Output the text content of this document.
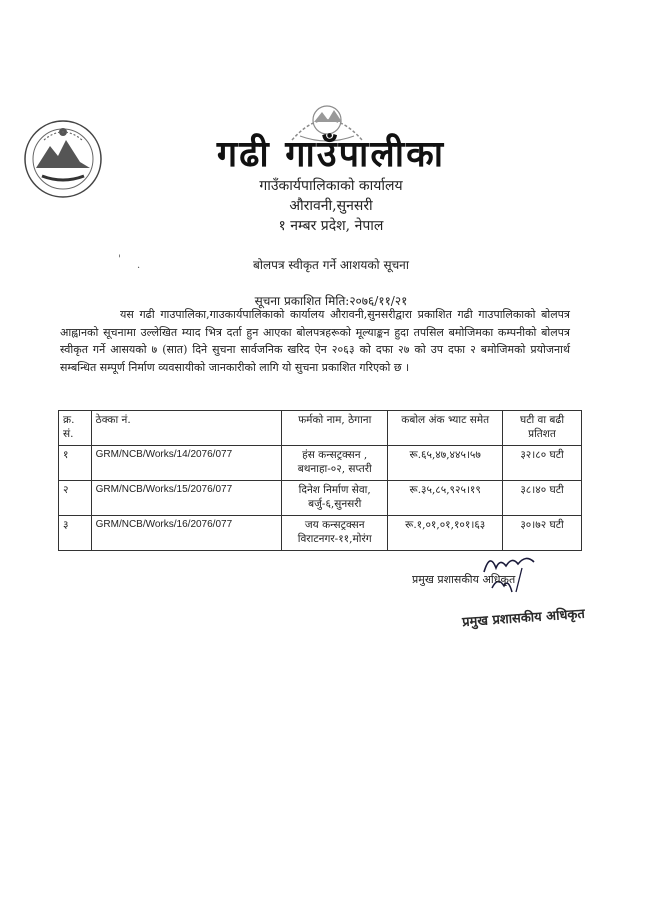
गढी गाउँपालीका
गाउँकार्यपालिकाको कार्यालय
औरावनी,सुनसरी
१ नम्बर प्रदेश, नेपाल
'
·	बोलपत्र स्वीकृत गर्ने आशयको सूचना
सूचना प्रकाशित मिति:२०७६/११/२१
यस गढी गाउपालिका,गाउकार्यपालिकाको कार्यालय औरावनी,सुनसरीद्वारा प्रकाशित गढी गाउपालिकाको बोलपत्र आह्वानको सूचनामा उल्लेखित म्याद भित्र दर्ता हुन आएका बोलपत्रहरूको मूल्याङ्कन हुदा तपसिल बमोजिमका कम्पनीको बोलपत्र स्वीकृत गर्ने आसयको ७ (सात) दिने सुचना सार्वजनिक खरिद ऐन २०६३ को दफा २७ को उप दफा २ बमोजिमको प्रयोजनार्थ सम्बन्धित सम्पूर्ण निर्माण व्यवसायीको जानकारीको लागि यो सुचना प्रकाशित गरिएको छ ।
क्र. सं.	ठेक्का नं.	फर्मको नाम, ठेगाना	कबोल अंक भ्याट समेत	घटी वा बढी प्रतिशत
१	GRM/NCB/Works/14/2076/077	हंस कन्सट्रक्सन ,
बथनाहा-०२, सप्तरी	रू.६५,४७,४४५।५७	३२।८० घटी
२	GRM/NCB/Works/15/2076/077	दिनेश निर्माण सेवा,
बर्जु-६,सुनसरी	रू.३५,८५,९२५।१९	३८।४० घटी
३	GRM/NCB/Works/16/2076/077	जय कन्सट्रक्सन
विराटनगर-११,मोरंग	रू.१,०१,०१,१०१।६३	३०।७२ घटी
प्रमुख प्रशासकीय अधिकृत
प्रमुख प्रशासकीय अधिकृत
